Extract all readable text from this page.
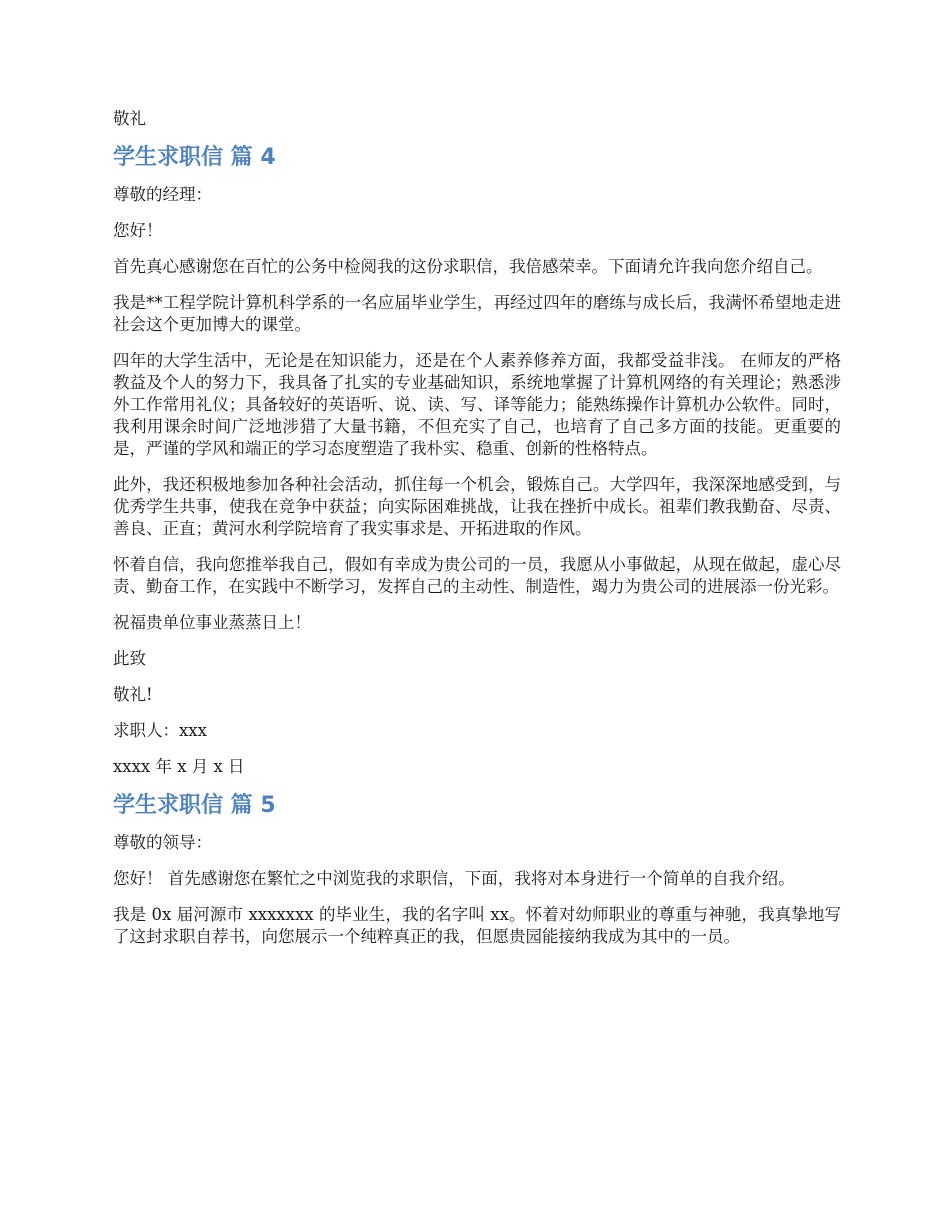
敬礼

学生求职信 篇 4

尊敬的经理：

您好！

首先真心感谢您在百忙的公务中检阅我的这份求职信，我倍感荣幸。下面请允许我向您介绍自己。

我是**工程学院计算机科学系的一名应届毕业学生，再经过四年的磨练与成长后，我满怀希望地走进社会这个更加博大的课堂。

四年的大学生活中，无论是在知识能力，还是在个人素养修养方面，我都受益非浅。 在师友的严格教益及个人的努力下，我具备了扎实的专业基础知识，系统地掌握了计算机网络的有关理论；熟悉涉外工作常用礼仪；具备较好的英语听、说、读、写、译等能力；能熟练操作计算机办公软件。同时，我利用课余时间广泛地涉猎了大量书籍，不但充实了自己，也培育了自己多方面的技能。更重要的是，严谨的学风和端正的学习态度塑造了我朴实、稳重、创新的性格特点。

此外，我还积极地参加各种社会活动，抓住每一个机会，锻炼自己。大学四年，我深深地感受到，与优秀学生共事，使我在竞争中获益；向实际困难挑战，让我在挫折中成长。祖辈们教我勤奋、尽责、善良、正直；黄河水利学院培育了我实事求是、开拓进取的作风。

怀着自信，我向您推举我自己，假如有幸成为贵公司的一员，我愿从小事做起，从现在做起，虚心尽责、勤奋工作，在实践中不断学习，发挥自己的主动性、制造性，竭力为贵公司的进展添一份光彩。

祝福贵单位事业蒸蒸日上！

此致

敬礼!

求职人：xxx

xxxx 年 x 月 x 日

学生求职信 篇 5

尊敬的领导：

您好！ 首先感谢您在繁忙之中浏览我的求职信，下面，我将对本身进行一个简单的自我介绍。

我是 0x 届河源市 xxxxxxx 的毕业生，我的名字叫 xx。怀着对幼师职业的尊重与神驰，我真挚地写了这封求职自荐书，向您展示一个纯粹真正的我，但愿贵园能接纳我成为其中的一员。
